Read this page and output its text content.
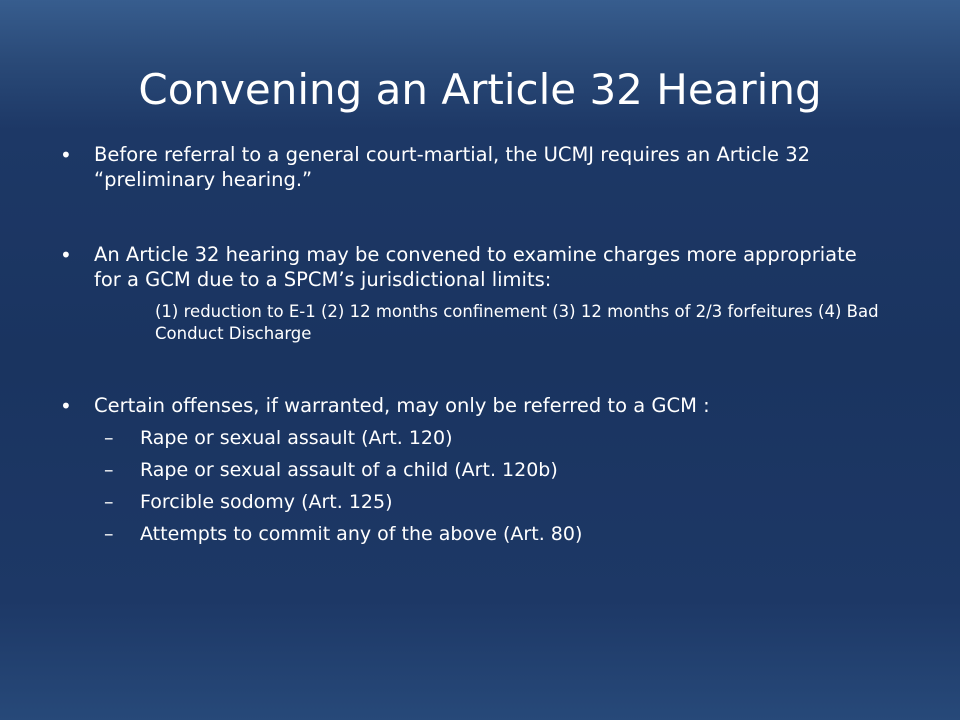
Convening an Article 32 Hearing
• Before referral to a general court-martial, the UCMJ requires an Article 32 “preliminary hearing.”
• An Article 32 hearing may be convened to examine charges more appropriate for a GCM due to a SPCM’s jurisdictional limits:
(1) reduction to E-1 (2) 12 months confinement (3) 12 months of 2/3 forfeitures (4) Bad Conduct Discharge
• Certain offenses, if warranted, may only be referred to a GCM :
– Rape or sexual assault (Art. 120)
– Rape or sexual assault of a child (Art. 120b)
– Forcible sodomy (Art. 125)
– Attempts to commit any of the above (Art. 80)
